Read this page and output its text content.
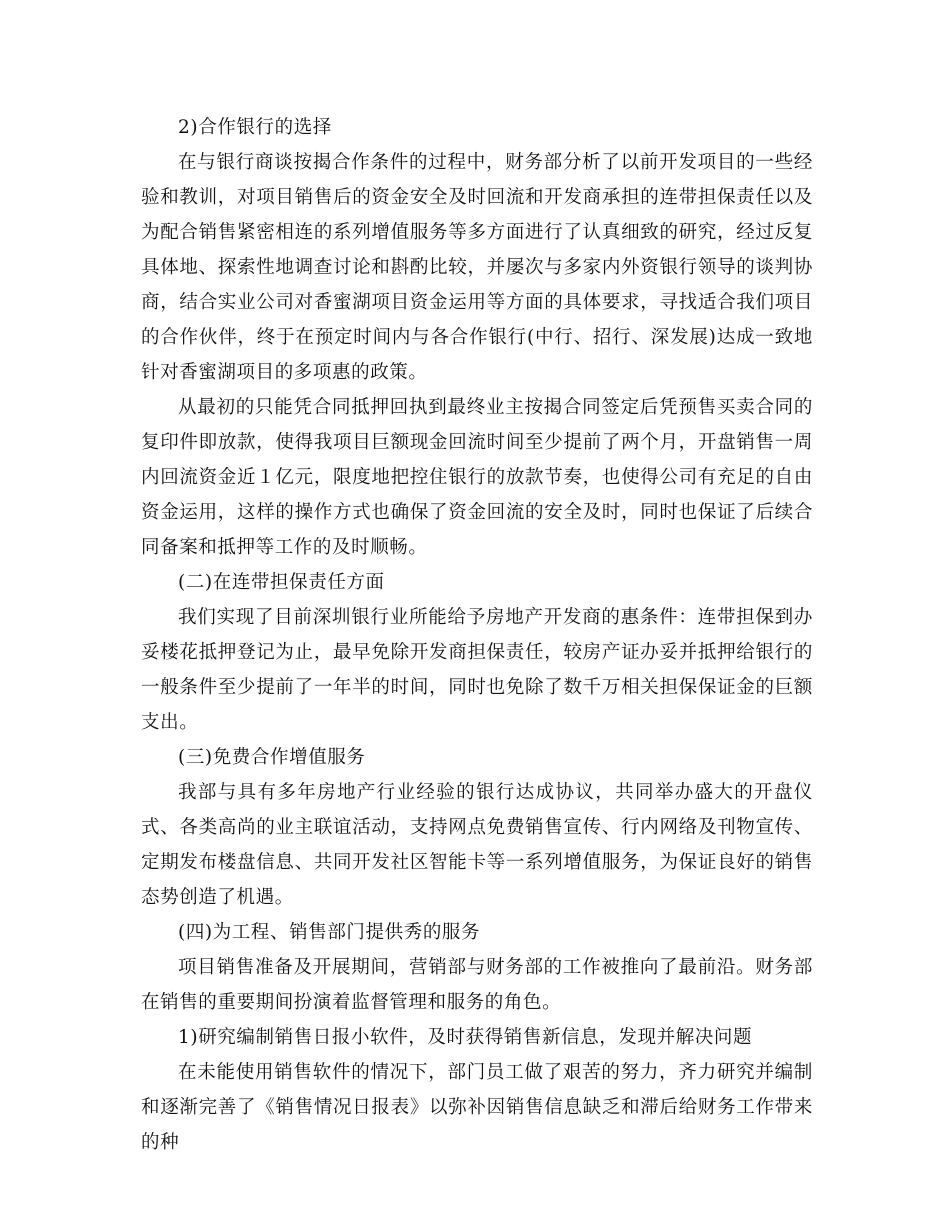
2)合作银行的选择

在与银行商谈按揭合作条件的过程中，财务部分析了以前开发项目的一些经验和教训，对项目销售后的资金安全及时回流和开发商承担的连带担保责任以及为配合销售紧密相连的系列增值服务等多方面进行了认真细致的研究，经过反复具体地、探索性地调查讨论和斟酌比较，并屡次与多家内外资银行领导的谈判协商，结合实业公司对香蜜湖项目资金运用等方面的具体要求，寻找适合我们项目的合作伙伴，终于在预定时间内与各合作银行(中行、招行、深发展)达成一致地针对香蜜湖项目的多项惠的政策。

从最初的只能凭合同抵押回执到最终业主按揭合同签定后凭预售买卖合同的复印件即放款，使得我项目巨额现金回流时间至少提前了两个月，开盘销售一周内回流资金近１亿元，限度地把控住银行的放款节奏，也使得公司有充足的自由资金运用，这样的操作方式也确保了资金回流的安全及时，同时也保证了后续合同备案和抵押等工作的及时顺畅。

(二)在连带担保责任方面

我们实现了目前深圳银行业所能给予房地产开发商的惠条件：连带担保到办妥楼花抵押登记为止，最早免除开发商担保责任，较房产证办妥并抵押给银行的一般条件至少提前了一年半的时间，同时也免除了数千万相关担保保证金的巨额支出。

(三)免费合作增值服务

我部与具有多年房地产行业经验的银行达成协议，共同举办盛大的开盘仪式、各类高尚的业主联谊活动，支持网点免费销售宣传、行内网络及刊物宣传、定期发布楼盘信息、共同开发社区智能卡等一系列增值服务，为保证良好的销售态势创造了机遇。

(四)为工程、销售部门提供秀的服务

项目销售准备及开展期间，营销部与财务部的工作被推向了最前沿。财务部在销售的重要期间扮演着监督管理和服务的角色。

1)研究编制销售日报小软件，及时获得销售新信息，发现并解决问题

在未能使用销售软件的情况下，部门员工做了艰苦的努力，齐力研究并编制和逐渐完善了《销售情况日报表》以弥补因销售信息缺乏和滞后给财务工作带来的种
